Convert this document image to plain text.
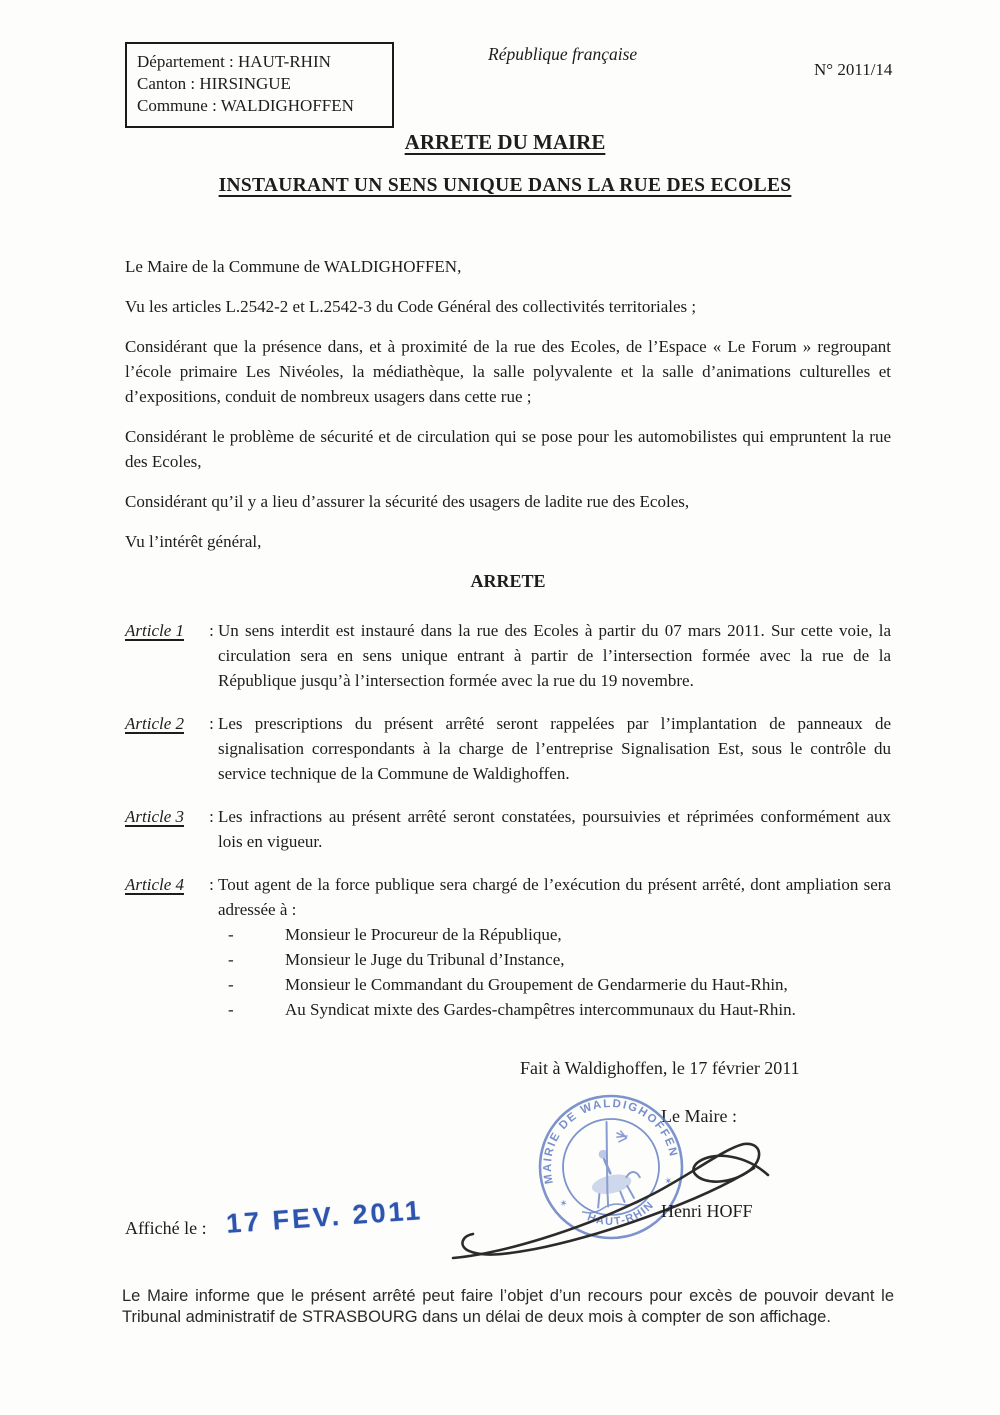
Département : HAUT-RHIN
Canton : HIRSINGUE
Commune : WALDIGHOFFEN
République française
N° 2011/14
ARRETE DU MAIRE
INSTAURANT UN SENS UNIQUE DANS LA RUE DES ECOLES

Le Maire de la Commune de WALDIGHOFFEN,

Vu les articles L.2542-2 et L.2542-3 du Code Général des collectivités territoriales ;

Considérant que la présence dans, et à proximité de la rue des Ecoles, de l’Espace « Le Forum » regroupant l’école primaire Les Nivéoles, la médiathèque, la salle polyvalente et la salle d’animations culturelles et d’expositions, conduit de nombreux usagers dans cette rue ;

Considérant le problème de sécurité et de circulation qui se pose pour les automobilistes qui empruntent la rue des Ecoles,

Considérant qu’il y a lieu d’assurer la sécurité des usagers de ladite rue des Ecoles,

Vu l’intérêt général,

ARRETE
Article 1	: Un sens interdit est instauré dans la rue des Ecoles à partir du 07 mars 2011. Sur cette voie, la circulation sera en sens unique entrant à partir de l’intersection formée avec la rue de la République jusqu’à l’intersection formée avec la rue du 19 novembre.
Article 2	: Les prescriptions du présent arrêté seront rappelées par l’implantation de panneaux de signalisation correspondants à la charge de l’entreprise Signalisation Est, sous le contrôle du service technique de la Commune de Waldighoffen.
Article 3	: Les infractions au présent arrêté seront constatées, poursuivies et réprimées conformément aux lois en vigueur.
Article 4	: Tout agent de la force publique sera chargé de l’exécution du présent arrêté, dont ampliation sera adressée à :
-	Monsieur le Procureur de la République,
-	Monsieur le Juge du Tribunal d’Instance,
-	Monsieur le Commandant du Groupement de Gendarmerie du Haut-Rhin,
-	Au Syndicat mixte des Gardes-champêtres intercommunaux du Haut-Rhin.
Fait à Waldighoffen, le 17 février 2011
Le Maire :
MAIRIE DE WALDIGHOFFEN
HAUT-RHIN
✶
✶
Henri HOFF
Affiché le : 17 FEV. 2011
Le Maire informe que le présent arrêté peut faire l’objet d’un recours pour excès de pouvoir devant le Tribunal administratif de STRASBOURG dans un délai de deux mois à compter de son affichage.
